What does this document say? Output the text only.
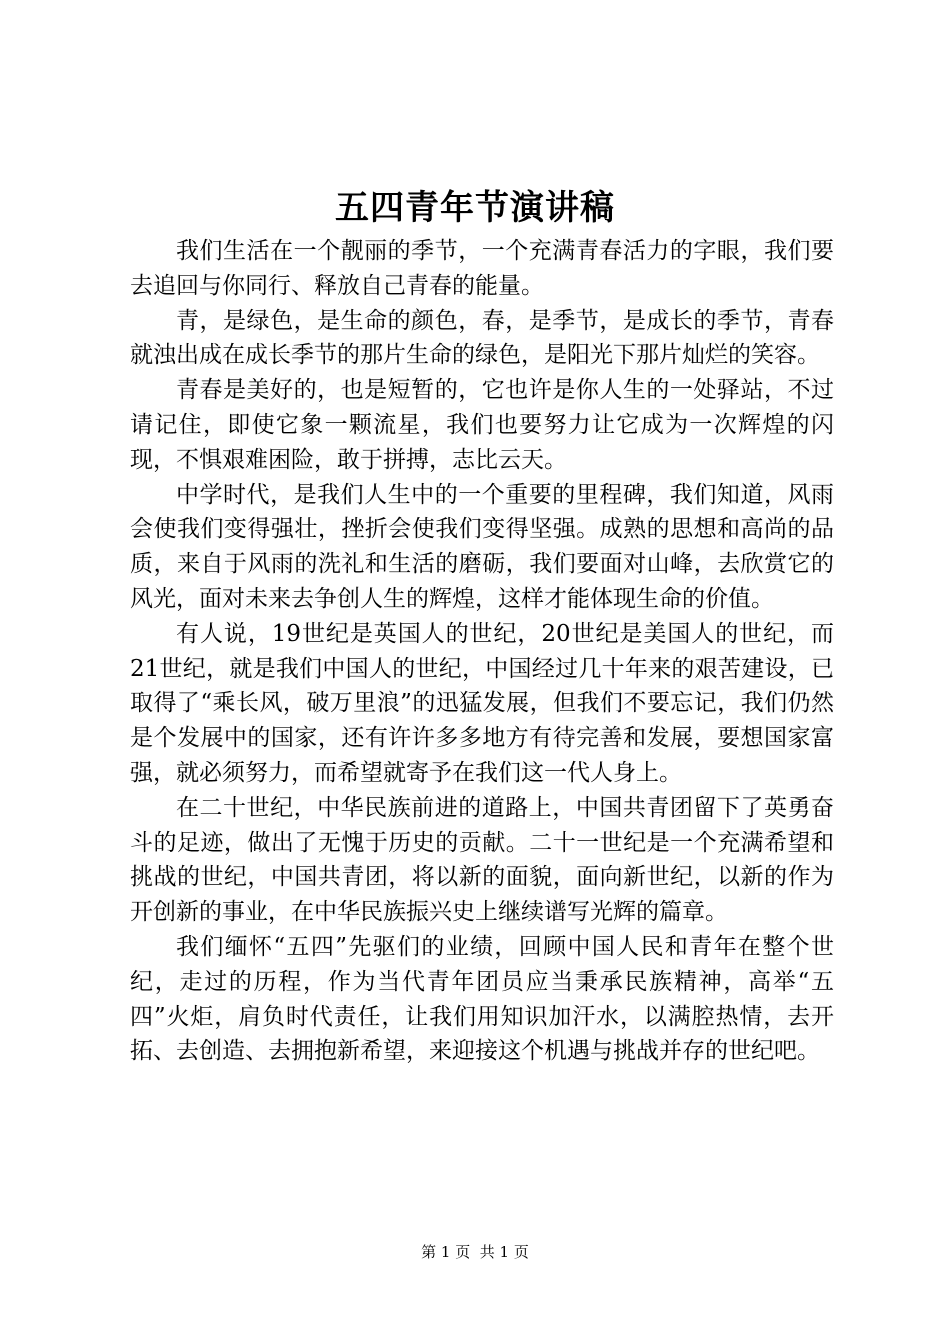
五四青年节演讲稿

我们生活在一个靓丽的季节，一个充满青春活力的字眼，我们要去追回与你同行、释放自己青春的能量。

青，是绿色，是生命的颜色，春，是季节，是成长的季节，青春就浊出成在成长季节的那片生命的绿色，是阳光下那片灿烂的笑容。

青春是美好的，也是短暂的，它也许是你人生的一处驿站，不过请记住，即使它象一颗流星，我们也要努力让它成为一次辉煌的闪现，不惧艰难困险，敢于拼搏，志比云天。

中学时代，是我们人生中的一个重要的里程碑，我们知道，风雨会使我们变得强壮，挫折会使我们变得坚强。成熟的思想和高尚的品质，来自于风雨的洗礼和生活的磨砺，我们要面对山峰，去欣赏它的风光，面对未来去争创人生的辉煌，这样才能体现生命的价值。

有人说，19世纪是英国人的世纪，20世纪是美国人的世纪，而21世纪，就是我们中国人的世纪，中国经过几十年来的艰苦建设，已取得了“乘长风，破万里浪”的迅猛发展，但我们不要忘记，我们仍然是个发展中的国家，还有许许多多地方有待完善和发展，要想国家富强，就必须努力，而希望就寄予在我们这一代人身上。

在二十世纪，中华民族前进的道路上，中国共青团留下了英勇奋斗的足迹，做出了无愧于历史的贡献。二十一世纪是一个充满希望和挑战的世纪，中国共青团，将以新的面貌，面向新世纪，以新的作为开创新的事业，在中华民族振兴史上继续谱写光辉的篇章。

我们缅怀“五四”先驱们的业绩，回顾中国人民和青年在整个世纪，走过的历程，作为当代青年团员应当秉承民族精神，高举“五四”火炬，肩负时代责任，让我们用知识加汗水，以满腔热情，去开拓、去创造、去拥抱新希望，来迎接这个机遇与挑战并存的世纪吧。

第 1 页 共 1 页
